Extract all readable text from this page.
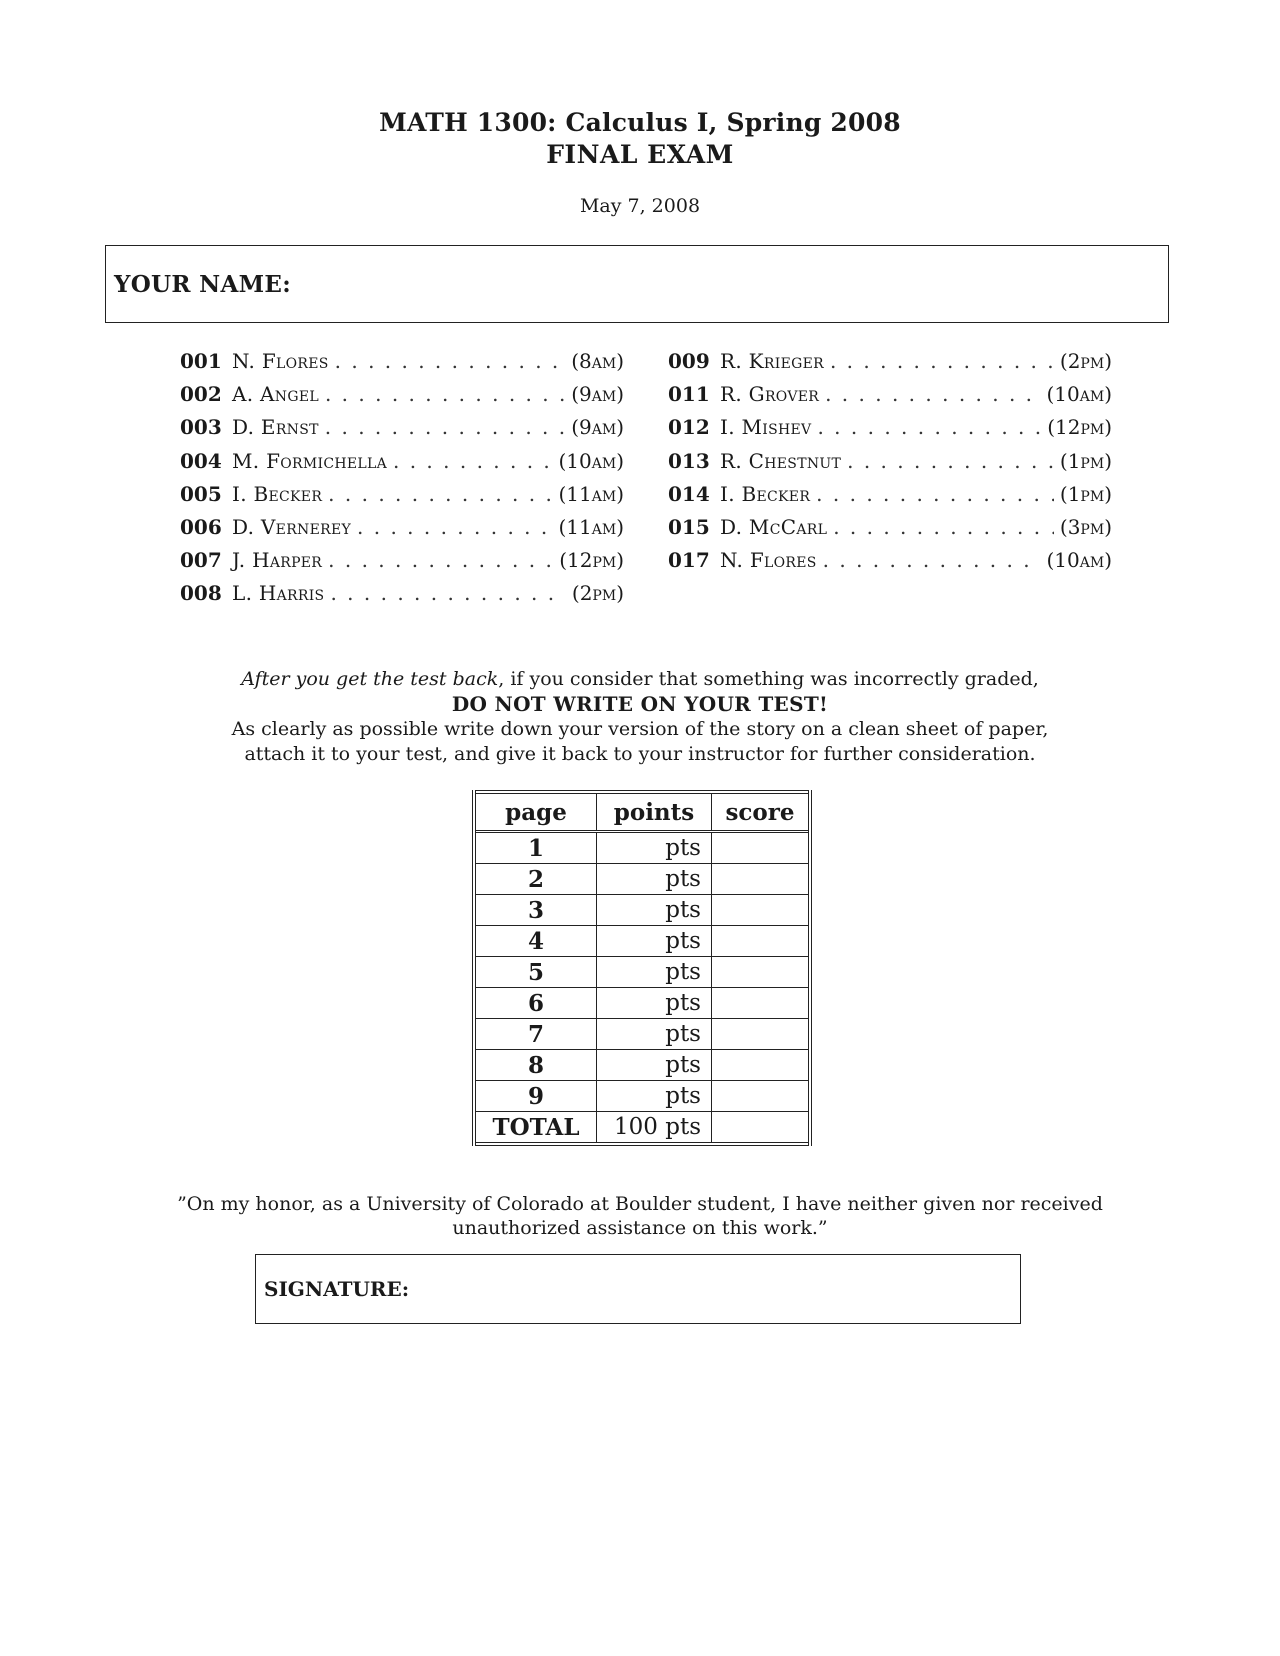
MATH 1300: Calculus I, Spring 2008
FINAL EXAM
May 7, 2008
YOUR NAME:
001 N. Flores . . .	(8am)
002 A. Angel . . .	(9am)
003 D. Ernst . . .	(9am)
004 M. Formichella . . .	(10am)
005 I. Becker . . .	(11am)
006 D. Vernerey . . .	(11am)
007 J. Harper . . .	(12pm)
008 L. Harris . . .	(2pm)
009 R. Krieger . . .	(2pm)
011 R. Grover . . .	(10am)
012 I. Mishev . . .	(12pm)
013 R. Chestnut . . .	(1pm)
014 I. Becker . . .	(1pm)
015 D. McCarl . . .	(3pm)
017 N. Flores . . .	(10am)
After you get the test back, if you consider that something was incorrectly graded,
DO NOT WRITE ON YOUR TEST!
As clearly as possible write down your version of the story on a clean sheet of paper,
attach it to your test, and give it back to your instructor for further consideration.
page	points	score
1	pts	
2	pts	
3	pts	
4	pts	
5	pts	
6	pts	
7	pts	
8	pts	
9	pts	
TOTAL	100 pts	
”On my honor, as a University of Colorado at Boulder student, I have neither given nor received
unauthorized assistance on this work.”
SIGNATURE:
